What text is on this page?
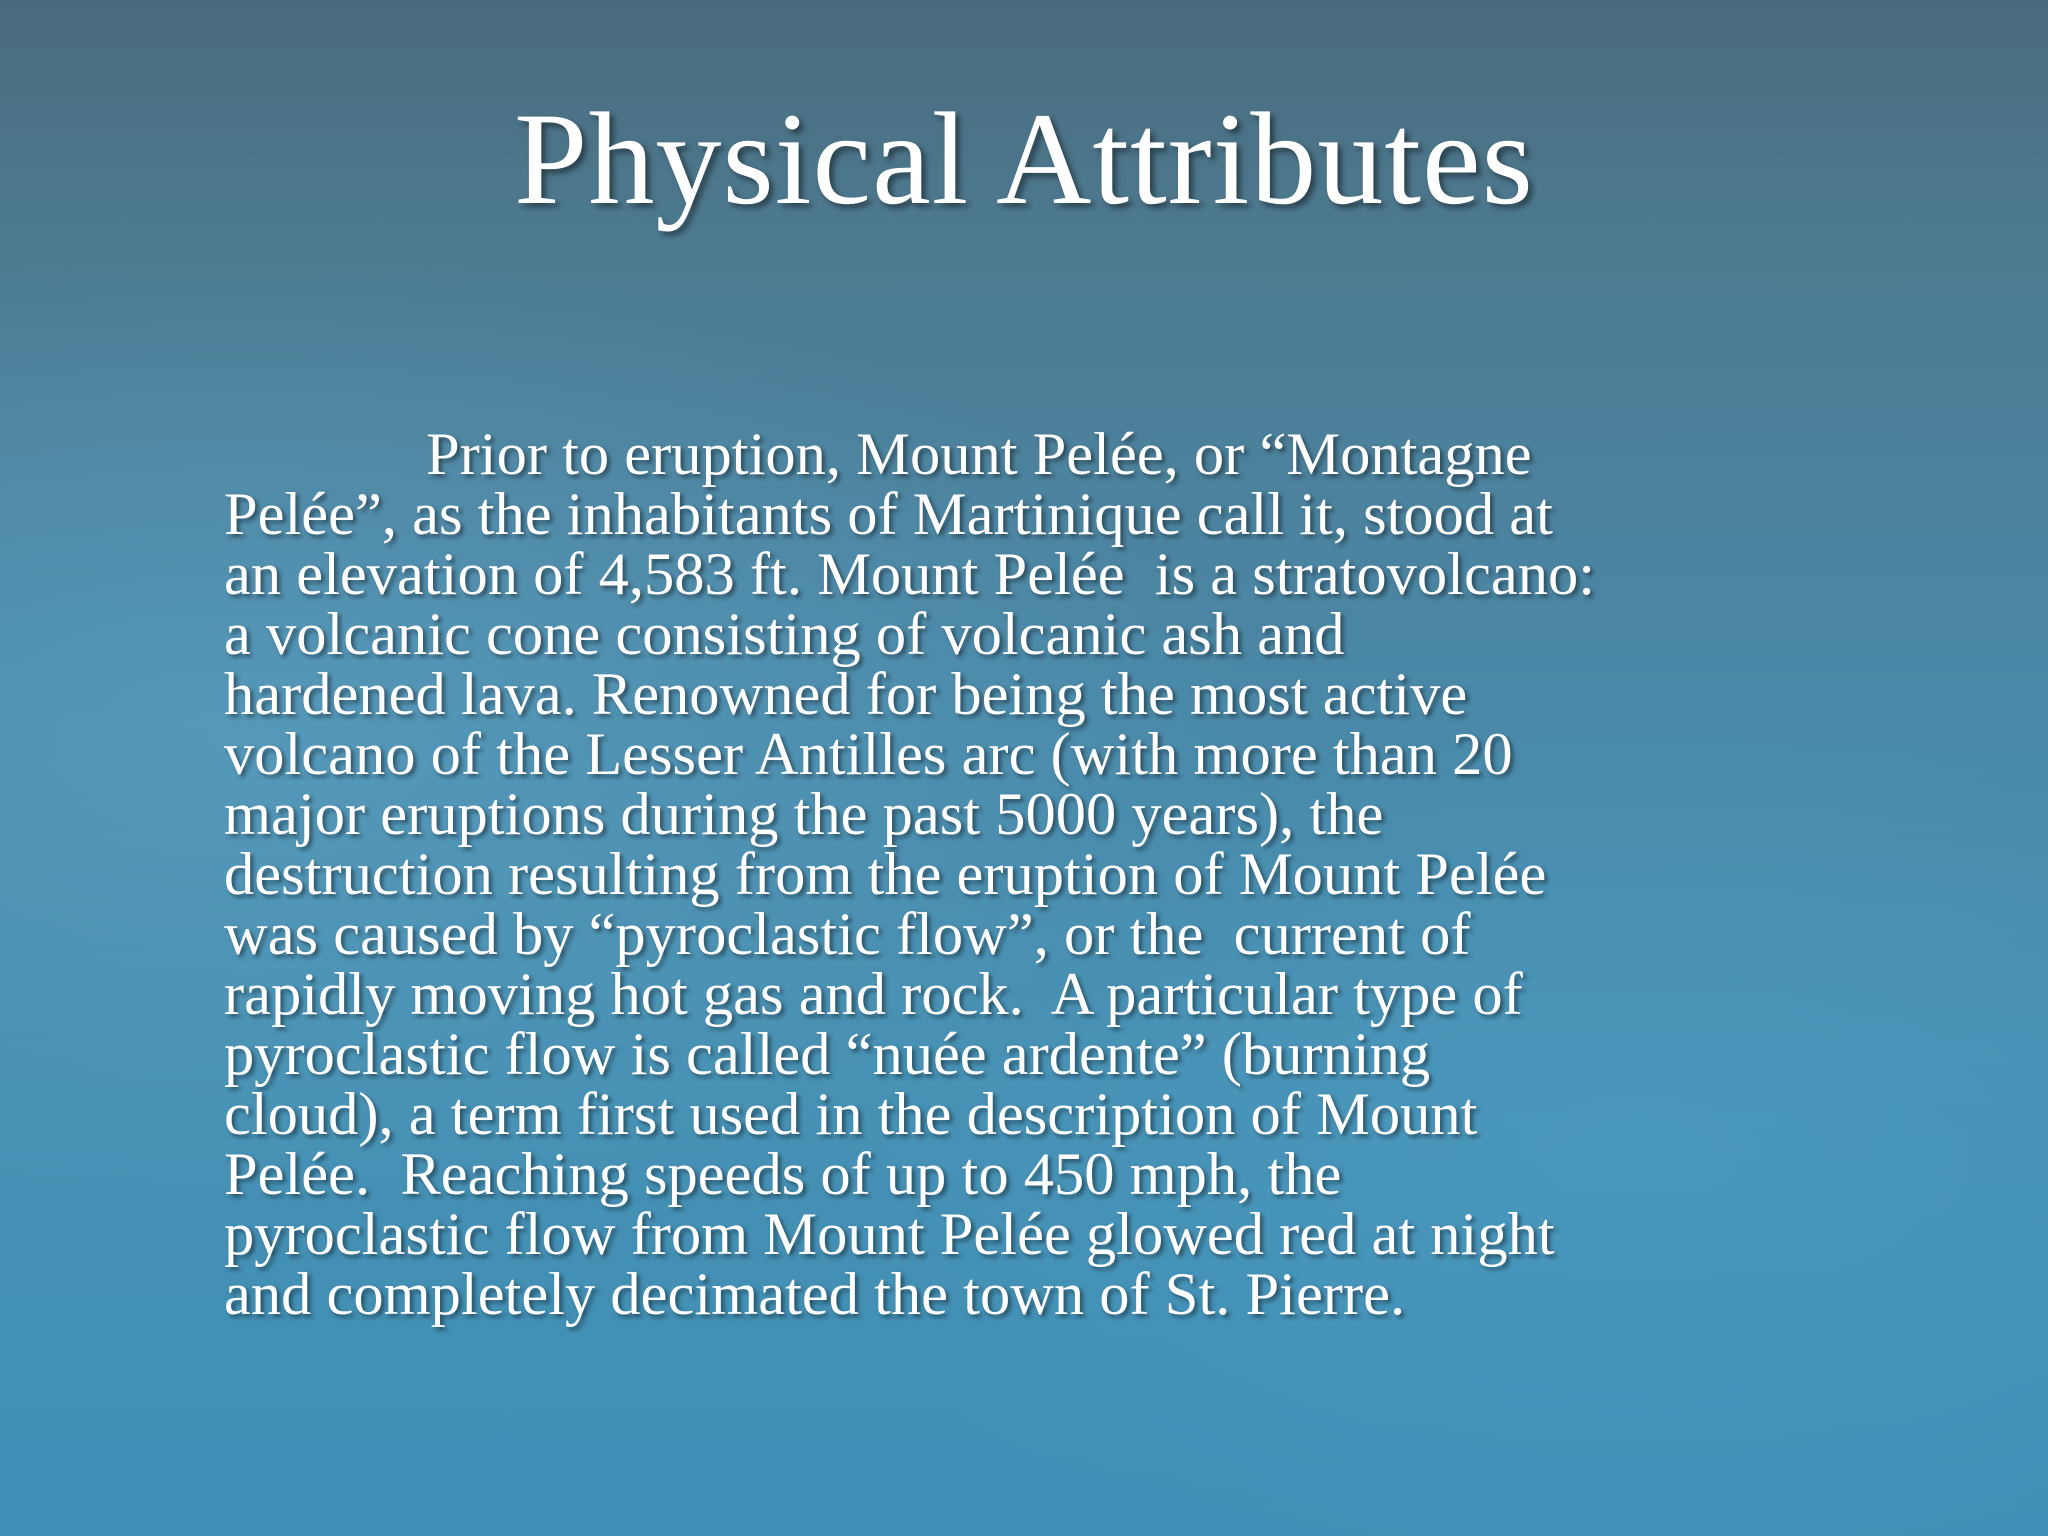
Physical Attributes
Prior to eruption, Mount Pelée, or “Montagne
Pelée”, as the inhabitants of Martinique call it, stood at
an elevation of 4,583 ft. Mount Pelée  is a stratovolcano:
a volcanic cone consisting of volcanic ash and
hardened lava. Renowned for being the most active
volcano of the Lesser Antilles arc (with more than 20
major eruptions during the past 5000 years), the
destruction resulting from the eruption of Mount Pelée
was caused by “pyroclastic flow”, or the  current of
rapidly moving hot gas and rock.  A particular type of
pyroclastic flow is called “nuée ardente” (burning
cloud), a term first used in the description of Mount
Pelée.  Reaching speeds of up to 450 mph, the
pyroclastic flow from Mount Pelée glowed red at night
and completely decimated the town of St. Pierre.
